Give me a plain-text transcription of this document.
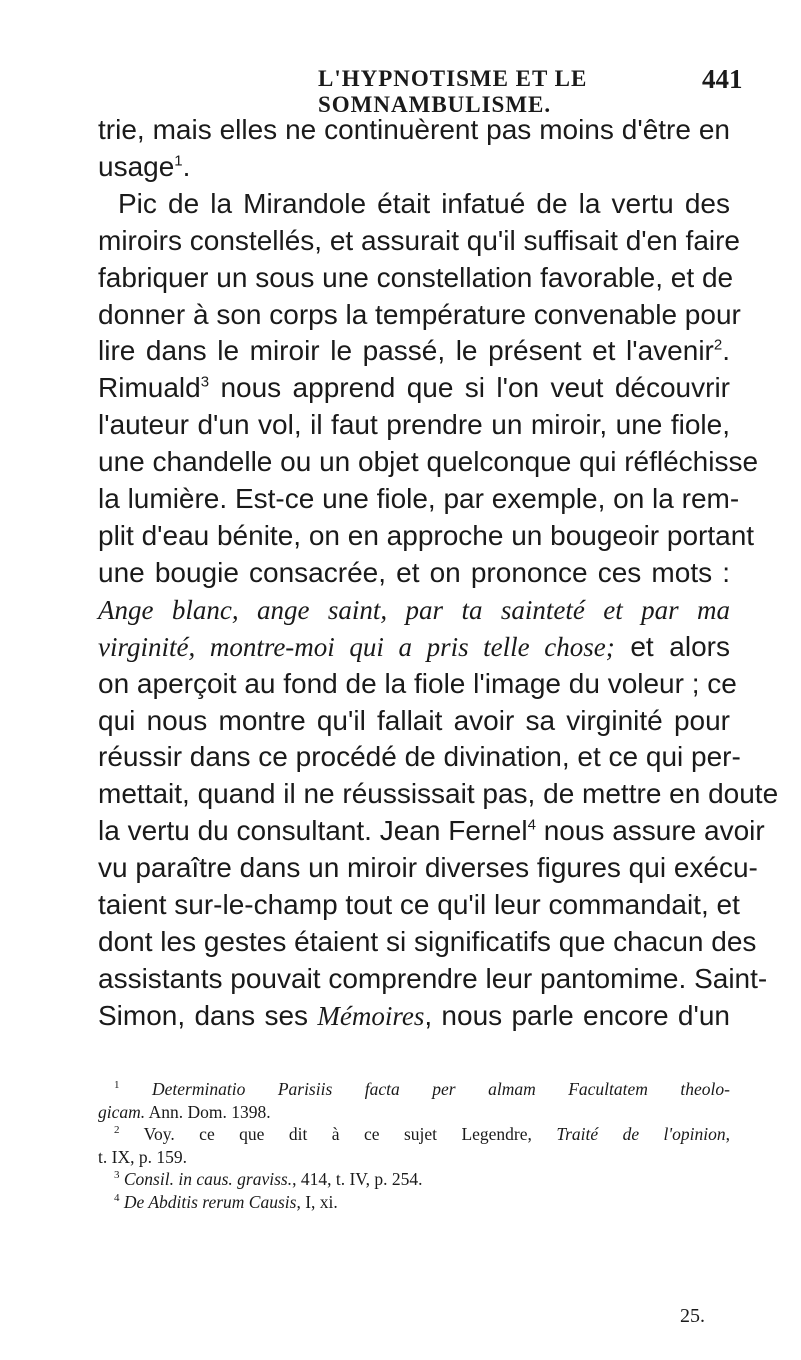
L'HYPNOTISME ET LE SOMNAMBULISME.
441
trie, mais elles ne continuèrent pas moins d'être en
usage$^1$.
Pic de la Mirandole était infatué de la vertu des
miroirs constellés, et assurait qu'il suffisait d'en faire
fabriquer un sous une constellation favorable, et de
donner à son corps la température convenable pour
lire dans le miroir le passé, le présent et l'avenir$^2$.
Rimuald$^3$ nous apprend que si l'on veut découvrir
l'auteur d'un vol, il faut prendre un miroir, une fiole,
une chandelle ou un objet quelconque qui réfléchisse
la lumière. Est-ce une fiole, par exemple, on la rem-
plit d'eau bénite, on en approche un bougeoir portant
une bougie consacrée, et on prononce ces mots :
Ange blanc, ange saint, par ta sainteté et par ma
virginité, montre-moi qui a pris telle chose; et alors
on aperçoit au fond de la fiole l'image du voleur ; ce
qui nous montre qu'il fallait avoir sa virginité pour
réussir dans ce procédé de divination, et ce qui per-
mettait, quand il ne réussissait pas, de mettre en doute
la vertu du consultant. Jean Fernel$^4$ nous assure avoir
vu paraître dans un miroir diverses figures qui exécu-
taient sur-le-champ tout ce qu'il leur commandait, et
dont les gestes étaient si significatifs que chacun des
assistants pouvait comprendre leur pantomime. Saint-
Simon, dans ses Mémoires, nous parle encore d'un
$^1$ Determinatio Parisiis facta per almam Facultatem theolo-
gicam. Ann. Dom. 1398.
$^2$ Voy. ce que dit à ce sujet Legendre, Traité de l'opinion,
t. IX, p. 159.
$^3$ Consil. in caus. graviss., 414, t. IV, p. 254.
$^4$ De Abditis rerum Causis, I, xi.
25.
